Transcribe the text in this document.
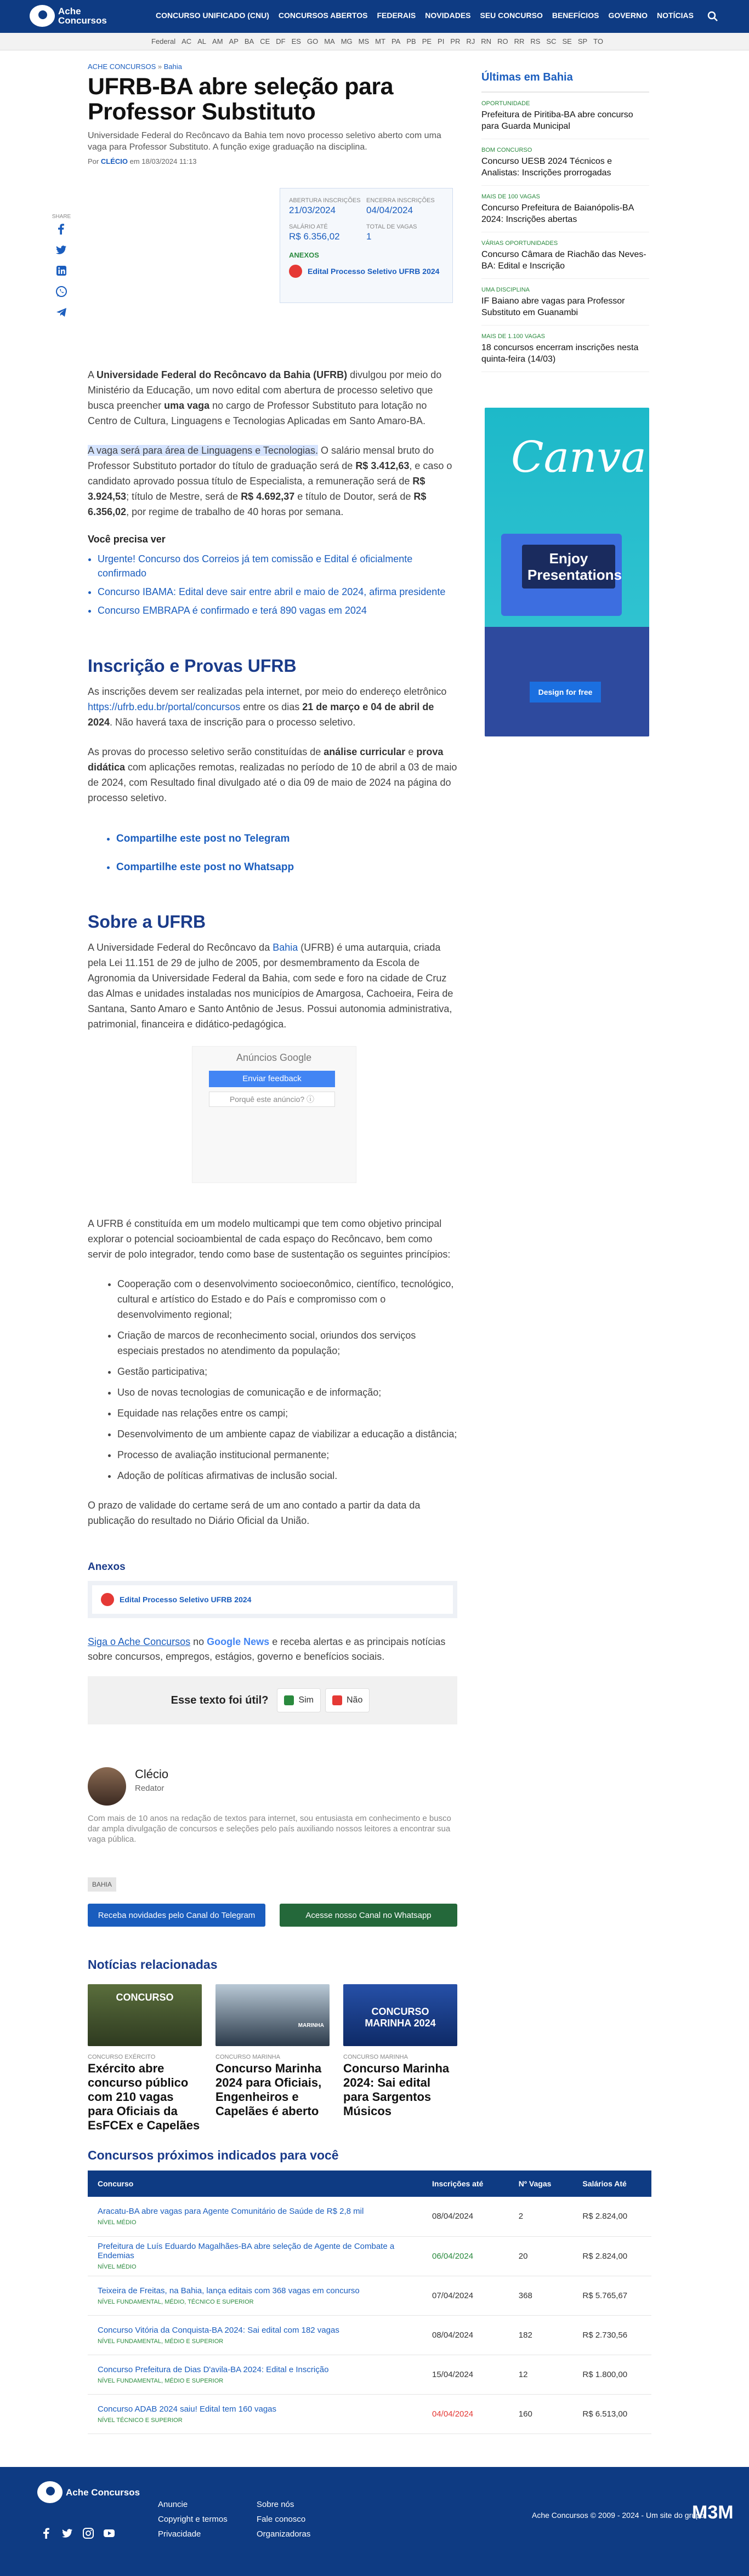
Ache Concursos	CONCURSO UNIFICADO (CNU) CONCURSOS ABERTOS FEDERAIS NOVIDADES SEU CONCURSO BENEFÍCIOS GOVERNO NOTÍCIAS
Federal AC AL AM AP BA CE DF ES GO MA MG MS MT PA PB PE PI PR RJ RN RO RR RS SC SE SP TO
SHARE
ACHE CONCURSOS » Bahia
UFRB-BA abre seleção para Professor Substituto
Universidade Federal do Recôncavo da Bahia tem novo processo seletivo aberto com uma vaga para Professor Substituto. A função exige graduação na disciplina.
Por CLÉCIO em 18/03/2024 11:13

A Universidade Federal do Recôncavo da Bahia (UFRB) divulgou por meio do Ministério da Educação, um novo edital com abertura de processo seletivo que busca preencher uma vaga no cargo de Professor Substituto para lotação no Centro de Cultura, Linguagens e Tecnologias Aplicadas em Santo Amaro-BA.

A vaga será para área de Linguagens e Tecnologias. O salário mensal bruto do Professor Substituto portador do título de graduação será de R$ 3.412,63, e caso o candidato aprovado possua título de Especialista, a remuneração será de R$ 3.924,53; título de Mestre, será de R$ 4.692,37 e título de Doutor, será de R$ 6.356,02, por regime de trabalho de 40 horas por semana.

Você precisa ver
• Urgente! Concurso dos Correios já tem comissão e Edital é oficialmente confirmado
• Concurso IBAMA: Edital deve sair entre abril e maio de 2024, afirma presidente
• Concurso EMBRAPA é confirmado e terá 890 vagas em 2024
Inscrição e Provas UFRB

As inscrições devem ser realizadas pela internet, por meio do endereço eletrônico https://ufrb.edu.br/portal/concursos entre os dias 21 de março e 04 de abril de 2024. Não haverá taxa de inscrição para o processo seletivo.

As provas do processo seletivo serão constituídas de análise curricular e prova didática com aplicações remotas, realizadas no período de 10 de abril a 03 de maio de 2024, com Resultado final divulgado até o dia 09 de maio de 2024 na página do processo seletivo.

• Compartilhe este post no Telegram
• Compartilhe este post no Whatsapp
Sobre a UFRB

A Universidade Federal do Recôncavo da Bahia (UFRB) é uma autarquia, criada pela Lei 11.151 de 29 de julho de 2005, por desmembramento da Escola de Agronomia da Universidade Federal da Bahia, com sede e foro na cidade de Cruz das Almas e unidades instaladas nos municípios de Amargosa, Cachoeira, Feira de Santana, Santo Amaro e Santo Antônio de Jesus. Possui autonomia administrativa, patrimonial, financeira e didático-pedagógica.

Anúncios Google
Enviar feedback
Porquê este anúncio? ⓘ

A UFRB é constituída em um modelo multicampi que tem como objetivo principal explorar o potencial socioambiental de cada espaço do Recôncavo, bem como servir de polo integrador, tendo como base de sustentação os seguintes princípios:

• Cooperação com o desenvolvimento socioeconômico, científico, tecnológico, cultural e artístico do Estado e do País e compromisso com o desenvolvimento regional;
• Criação de marcos de reconhecimento social, oriundos dos serviços especiais prestados no atendimento da população;
• Gestão participativa;
• Uso de novas tecnologias de comunicação e de informação;
• Equidade nas relações entre os campi;
• Desenvolvimento de um ambiente capaz de viabilizar a educação a distância;
• Processo de avaliação institucional permanente;
• Adoção de políticas afirmativas de inclusão social.

O prazo de validade do certame será de um ano contado a partir da data da publicação do resultado no Diário Oficial da União.

Anexos
Edital Processo Seletivo UFRB 2024

Siga o Ache Concursos no Google News e receba alertas e as principais notícias sobre concursos, empregos, estágios, governo e benefícios sociais.

Esse texto foi útil?	Sim	Não
Clécio
Redator
Com mais de 10 anos na redação de textos para internet, sou entusiasta em conhecimento e busco dar ampla divulgação de concursos e seleções pelo país auxiliando nossos leitores a encontrar sua vaga pública.
BAHIA
Receba novidades pelo Canal do Telegram	Acesse nosso Canal no Whatsapp
Notícias relacionadas
CONCURSO
CONCURSO EXÉRCITO
Exército abre concurso público com 210 vagas para Oficiais da EsFCEx e Capelães
MARINHA
CONCURSO MARINHA
Concurso Marinha 2024 para Oficiais, Engenheiros e Capelães é aberto
CONCURSO MARINHA 2024
CONCURSO MARINHA
Concurso Marinha 2024: Sai edital para Sargentos Músicos
ABERTURA INSCRIÇÕES
21/03/2024
ENCERRA INSCRIÇÕES
04/04/2024
SALÁRIO ATÉ
R$ 6.356,02
TOTAL DE VAGAS
1
ANEXOS
Edital Processo Seletivo UFRB 2024
Últimas em Bahia
OPORTUNIDADE
Prefeitura de Piritiba-BA abre concurso para Guarda Municipal
BOM CONCURSO
Concurso UESB 2024 Técnicos e Analistas: Inscrições prorrogadas
MAIS DE 100 VAGAS
Concurso Prefeitura de Baianópolis-BA 2024: Inscrições abertas
VÁRIAS OPORTUNIDADES
Concurso Câmara de Riachão das Neves-BA: Edital e Inscrição
UMA DISCIPLINA
IF Baiano abre vagas para Professor Substituto em Guanambi
MAIS DE 1.100 VAGAS
18 concursos encerram inscrições nesta quinta-feira (14/03)
Canva
Enjoy Presentations
Design for free
Concursos próximos indicados para você
Concurso	Inscrições até	Nº Vagas	Salários Até

Aracatu-BA abre vagas para Agente Comunitário de Saúde de R$ 2,8 mil
NÍVEL MÉDIO	08/04/2024	2	R$ 2.824,00

Prefeitura de Luís Eduardo Magalhães-BA abre seleção de Agente de Combate a Endemias
NÍVEL MÉDIO	06/04/2024	20	R$ 2.824,00

Teixeira de Freitas, na Bahia, lança editais com 368 vagas em concurso
NÍVEL FUNDAMENTAL, MÉDIO, TÉCNICO E SUPERIOR	07/04/2024	368	R$ 5.765,67

Concurso Vitória da Conquista-BA 2024: Sai edital com 182 vagas
NÍVEL FUNDAMENTAL, MÉDIO E SUPERIOR	08/04/2024	182	R$ 2.730,56

Concurso Prefeitura de Dias D'avila-BA 2024: Edital e Inscrição
NÍVEL FUNDAMENTAL, MÉDIO E SUPERIOR	15/04/2024	12	R$ 1.800,00

Concurso ADAB 2024 saiu! Edital tem 160 vagas
NÍVEL TÉCNICO E SUPERIOR	04/04/2024	160	R$ 6.513,00
Ache Concursos
Anuncie	Sobre nós
Copyright e termos	Fale conosco
Privacidade	Organizadoras
Ache Concursos © 2009 - 2024 - Um site do grupo
M3M
